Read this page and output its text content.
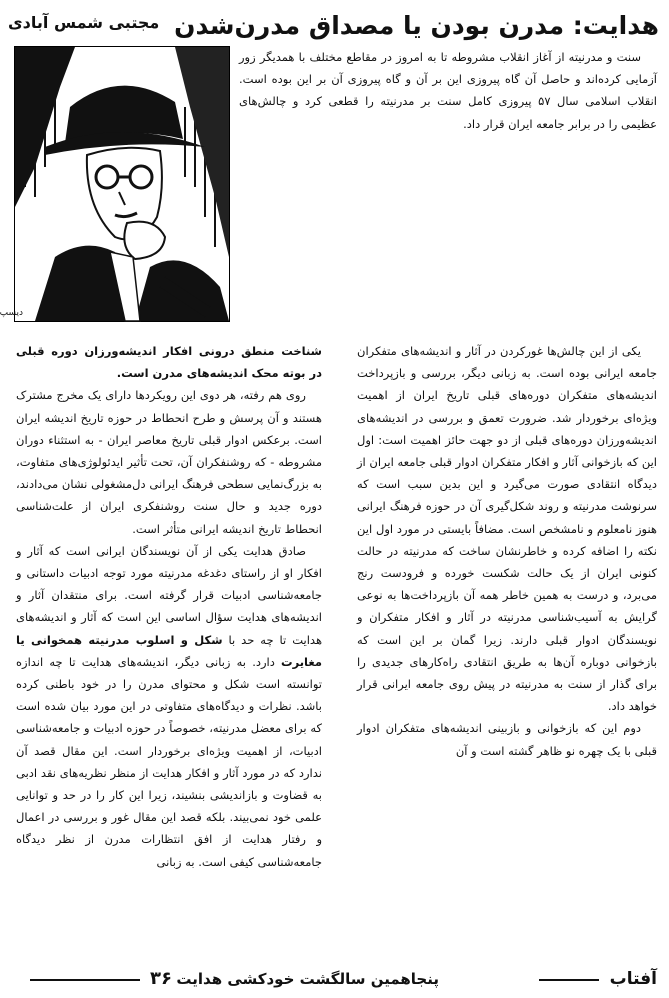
هدایت: مدرن بودن یا مصداق مدرن‌شدن
مجتبی شمس آبادی
دیسپ

سنت و مدرنیته از آغاز انقلاب مشروطه تا به امروز در مقاطع مختلف با همدیگر زور آزمایی کرده‌اند و حاصل آن گاه پیروزی این بر آن و گاه پیروزی آن بر این بوده است. انقلاب اسلامی سال ۵۷ پیروزی کامل سنت بر مدرنیته را قطعی کرد و چالش‌های عظیمی را در برابر جامعه ایران قرار داد.

یکی از این چالش‌ها غورکردن در آثار و اندیشه‌های متفکران جامعه ایرانی بوده است. به زبانی دیگر، بررسی و بازپرداخت اندیشه‌های متفکران دوره‌های قبلی تاریخ ایران از اهمیت ویژه‌ای برخوردار شد. ضرورت تعمق و بررسی در اندیشه‌های اندیشه‌ورزان دوره‌های قبلی از دو جهت حائز اهمیت است: اول این که بازخوانی آثار و افکار متفکران ادوار قبلی جامعه ایران از دیدگاه انتقادی صورت می‌گیرد و این بدین سبب است که سرنوشت مدرنیته و روند شکل‌گیری آن در حوزه فرهنگ ایرانی هنوز نامعلوم و نامشخص است. مضافاً بایستی در مورد اول این نکته را اضافه کرده و خاطرنشان ساخت که مدرنیته در حالت کنونی ایران از یک حالت شکست خورده و فرودست رنج می‌برد، و درست به همین خاطر همه آن بازپرداخت‌ها به نوعی گرایش به آسیب‌شناسی مدرنیته در آثار و افکار متفکران و نویسندگان ادوار قبلی دارند. زیرا گمان بر این است که بازخوانی دوباره آن‌ها به طریق انتقادی راه‌کارهای جدیدی را برای گذار از سنت به مدرنیته در پیش روی جامعه ایرانی قرار خواهد داد.

دوم این که بازخوانی و بازبینی اندیشه‌های متفکران ادوار قبلی با یک چهره نو ظاهر گشته است و آن

شناخت منطق درونی افکار اندیشه‌ورزان دوره قبلی در بوته محک اندیشه‌های مدرن است.

روی هم رفته، هر دوی این رویکردها دارای یک مخرج مشترک هستند و آن پرسش و طرح انحطاط در حوزه تاریخ اندیشه ایران است. برعکس ادوار قبلی تاریخ معاصر ایران - به استثناء دوران مشروطه - که روشنفکران آن، تحت تأثیر ایدئولوژی‌های متفاوت، به بزرگ‌نمایی سطحی فرهنگ ایرانی دل‌مشغولی نشان می‌دادند، دوره جدید و حال سنت روشنفکری ایران از علت‌شناسی انحطاط تاریخ اندیشه ایرانی متأثر است.

صادق هدایت یکی از آن نویسندگان ایرانی است که آثار و افکار او از راستای دغدغه مدرنیته مورد توجه ادبیات داستانی و جامعه‌شناسی ادبیات قرار گرفته است. برای منتقدان آثار و اندیشه‌های هدایت سؤال اساسی این است که آثار و اندیشه‌های هدایت تا چه حد با شکل و اسلوب مدرنیته همخوانی یا مغایرت دارد. به زبانی دیگر، اندیشه‌های هدایت تا چه اندازه توانسته است شکل و محتوای مدرن را در خود باطنی کرده باشد. نظرات و دیدگاه‌های متفاوتی در این مورد بیان شده است که برای معضل مدرنیته، خصوصاً در حوزه ادبیات و جامعه‌شناسی ادبیات، از اهمیت ویژه‌ای برخوردار است. این مقال قصد آن ندارد که در مورد آثار و افکار هدایت از منظر نظریه‌های نقد ادبی به قضاوت و بازاندیشی بنشیند، زیرا این کار را در حد و توانایی علمی خود نمی‌بیند. بلکه قصد این مقال غور و بررسی در اعمال و رفتار هدایت از افق انتظارات مدرن از نظر دیدگاه جامعه‌شناسی کیفی است. به زبانی

آفتاب
پنجاهمین سالگشت خودکشی هدایت
۳۶
